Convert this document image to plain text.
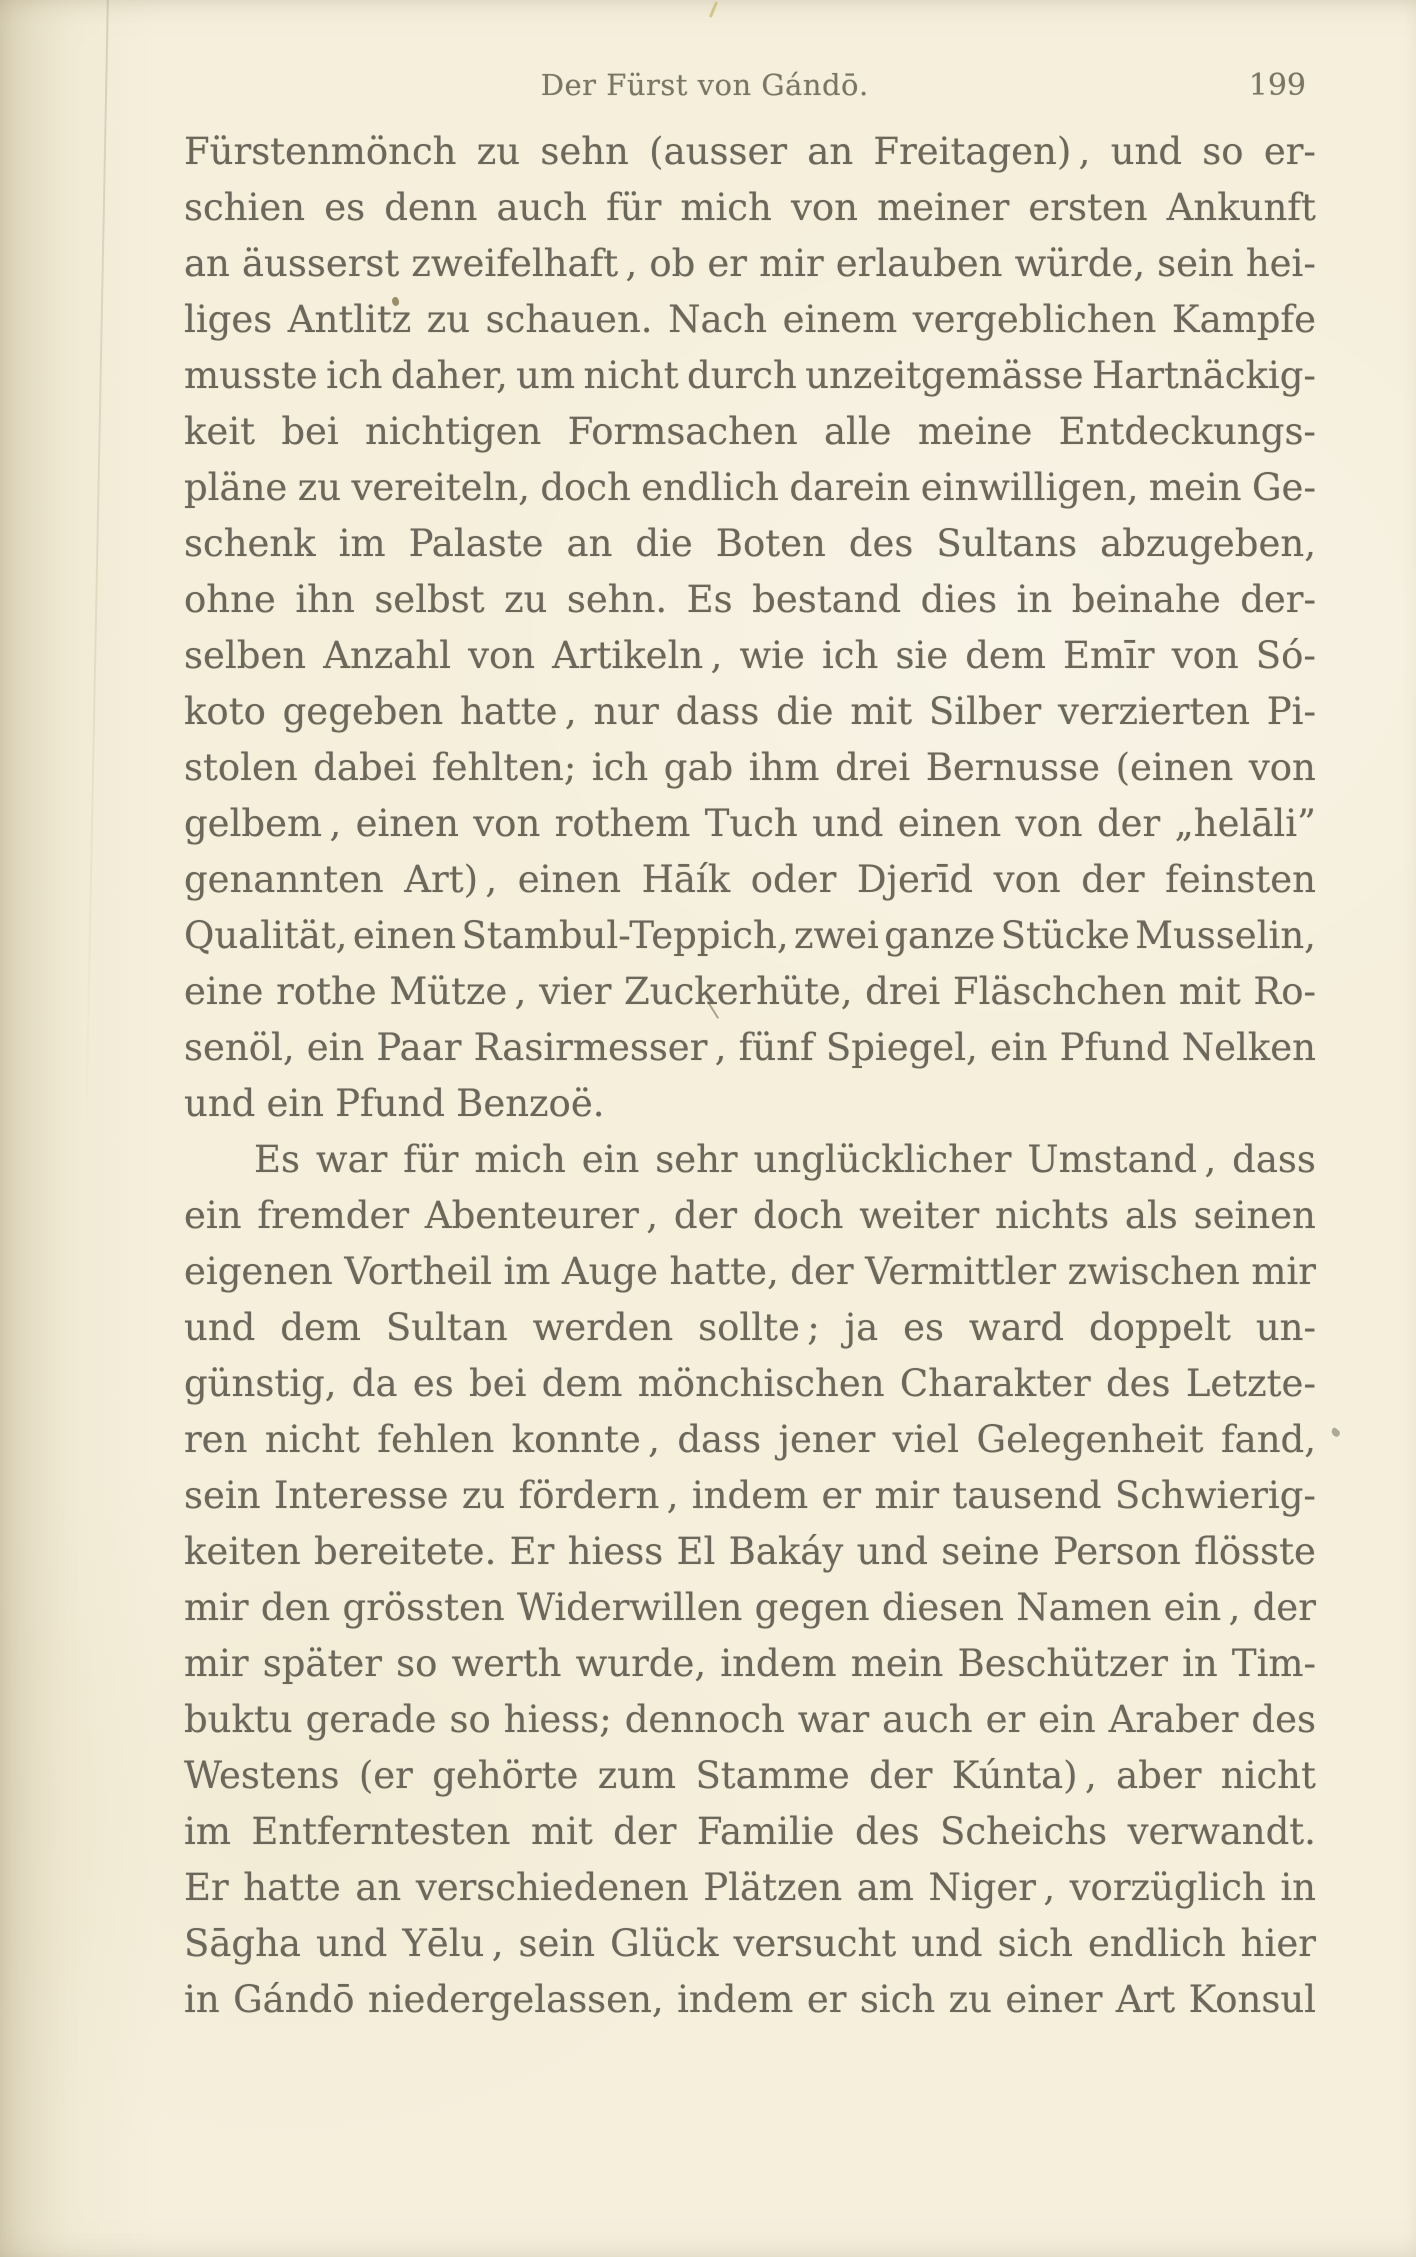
Der Fürst von Gándō.	199
Fürstenmönch zu sehn (ausser an Freitagen) , und so er-
schien es denn auch für mich von meiner ersten Ankunft
an äusserst zweifelhaft , ob er mir erlauben würde, sein hei-
liges Antlitz zu schauen. Nach einem vergeblichen Kampfe
musste ich daher, um nicht durch unzeitgemässe Hartnäckig-
keit bei nichtigen Formsachen alle meine Entdeckungs-
pläne zu vereiteln, doch endlich darein einwilligen, mein Ge-
schenk im Palaste an die Boten des Sultans abzugeben,
ohne ihn selbst zu sehn. Es bestand dies in beinahe der-
selben Anzahl von Artikeln , wie ich sie dem Emīr von Só-
koto gegeben hatte , nur dass die mit Silber verzierten Pi-
stolen dabei fehlten; ich gab ihm drei Bernusse (einen von
gelbem , einen von rothem Tuch und einen von der „helāli”
genannten Art) , einen Hāík oder Djerīd von der feinsten
Qualität, einen Stambul-Teppich, zwei ganze Stücke Musselin,
eine rothe Mütze , vier Zuckerhüte, drei Fläschchen mit Ro-
senöl, ein Paar Rasirmesser , fünf Spiegel, ein Pfund Nelken
und ein Pfund Benzoë.
Es war für mich ein sehr unglücklicher Umstand , dass
ein fremder Abenteurer , der doch weiter nichts als seinen
eigenen Vortheil im Auge hatte, der Vermittler zwischen mir
und dem Sultan werden sollte ; ja es ward doppelt un-
günstig, da es bei dem mönchischen Charakter des Letzte-
ren nicht fehlen konnte , dass jener viel Gelegenheit fand,
sein Interesse zu fördern , indem er mir tausend Schwierig-
keiten bereitete. Er hiess El Bakáy und seine Person flösste
mir den grössten Widerwillen gegen diesen Namen ein , der
mir später so werth wurde, indem mein Beschützer in Tim-
buktu gerade so hiess; dennoch war auch er ein Araber des
Westens (er gehörte zum Stamme der Kúnta) , aber nicht
im Entferntesten mit der Familie des Scheichs verwandt.
Er hatte an verschiedenen Plätzen am Niger , vorzüglich in
Sāgha und Yēlu , sein Glück versucht und sich endlich hier
in Gándō niedergelassen, indem er sich zu einer Art Konsul
